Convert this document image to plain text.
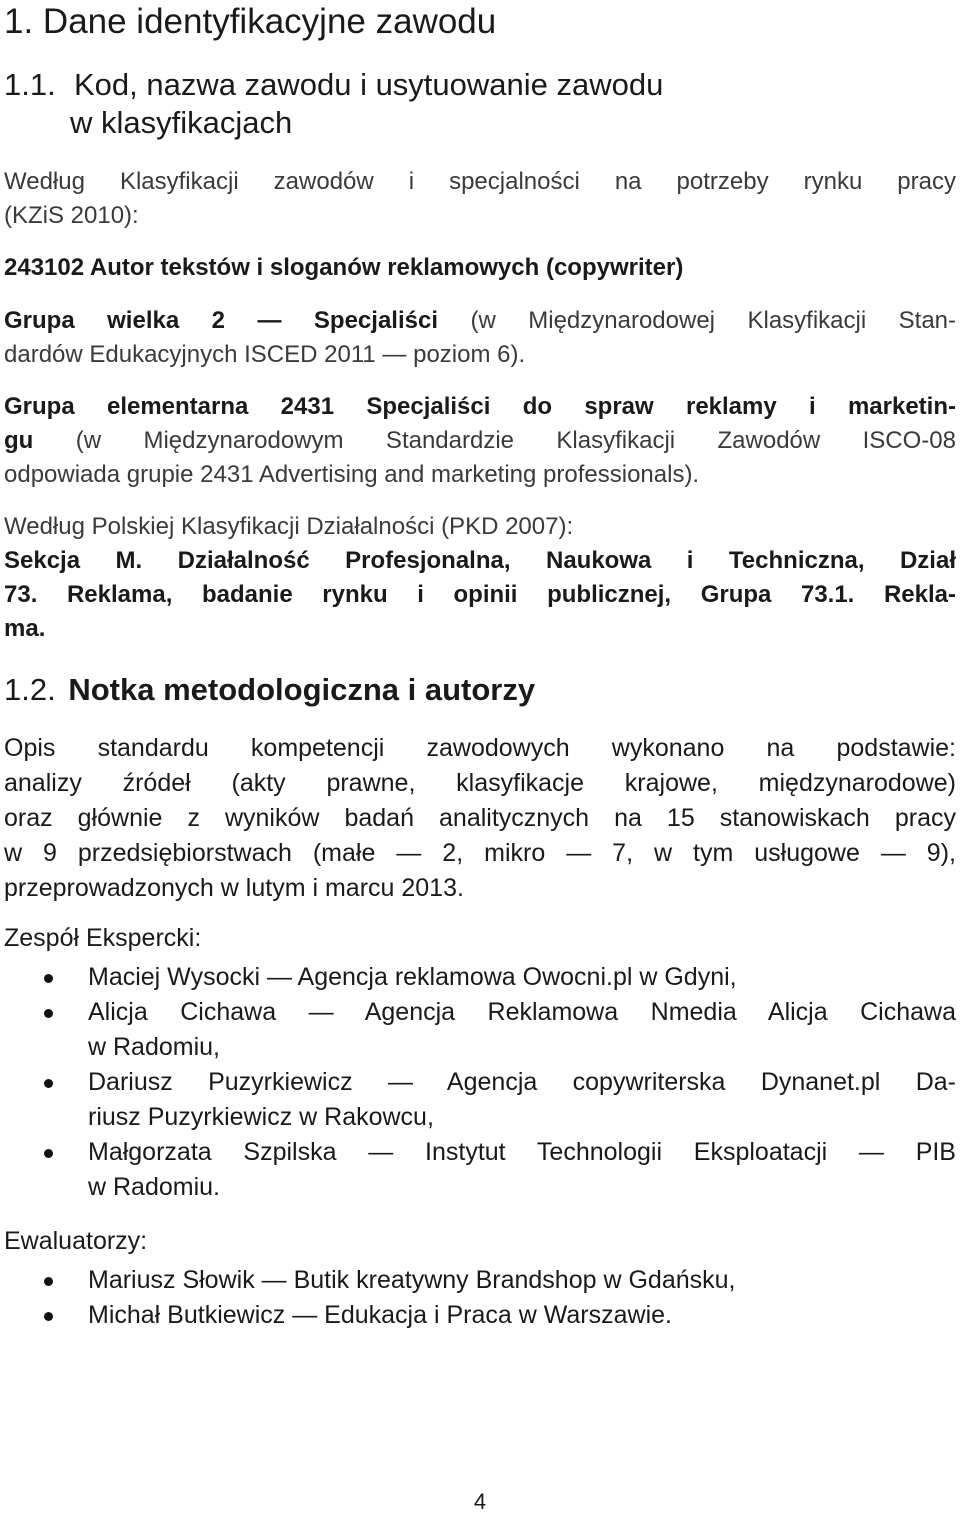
1. Dane identyfikacyjne zawodu
1.1. Kod, nazwa zawodu i usytuowanie zawodu
w klasyfikacjach
Według Klasyfikacji zawodów i specjalności na potrzeby rynku pracy
(KZiS 2010):
243102 Autor tekstów i sloganów reklamowych (copywriter)
Grupa wielka 2 — Specjaliści (w Międzynarodowej Klasyfikacji Stan-
dardów Edukacyjnych ISCED 2011 — poziom 6).
Grupa elementarna 2431 Specjaliści do spraw reklamy i marketin-
gu (w Międzynarodowym Standardzie Klasyfikacji Zawodów ISCO-08
odpowiada grupie 2431 Advertising and marketing professionals).
Według Polskiej Klasyfikacji Działalności (PKD 2007):
Sekcja M. Działalność Profesjonalna, Naukowa i Techniczna, Dział
73. Reklama, badanie rynku i opinii publicznej, Grupa 73.1. Rekla-
ma.
1.2. Notka metodologiczna i autorzy
Opis standardu kompetencji zawodowych wykonano na podstawie:
analizy źródeł (akty prawne, klasyfikacje krajowe, międzynarodowe)
oraz głównie z wyników badań analitycznych na 15 stanowiskach pracy
w 9 przedsiębiorstwach (małe — 2, mikro — 7, w tym usługowe — 9),
przeprowadzonych w lutym i marcu 2013.
Zespół Ekspercki:
Maciej Wysocki — Agencja reklamowa Owocni.pl w Gdyni,
Alicja Cichawa — Agencja Reklamowa Nmedia Alicja Cichawa
w Radomiu,
Dariusz Puzyrkiewicz — Agencja copywriterska Dynanet.pl Da-
riusz Puzyrkiewicz w Rakowcu,
Małgorzata Szpilska — Instytut Technologii Eksploatacji — PIB
w Radomiu.
Ewaluatorzy:
Mariusz Słowik — Butik kreatywny Brandshop w Gdańsku,
Michał Butkiewicz — Edukacja i Praca w Warszawie.
4
